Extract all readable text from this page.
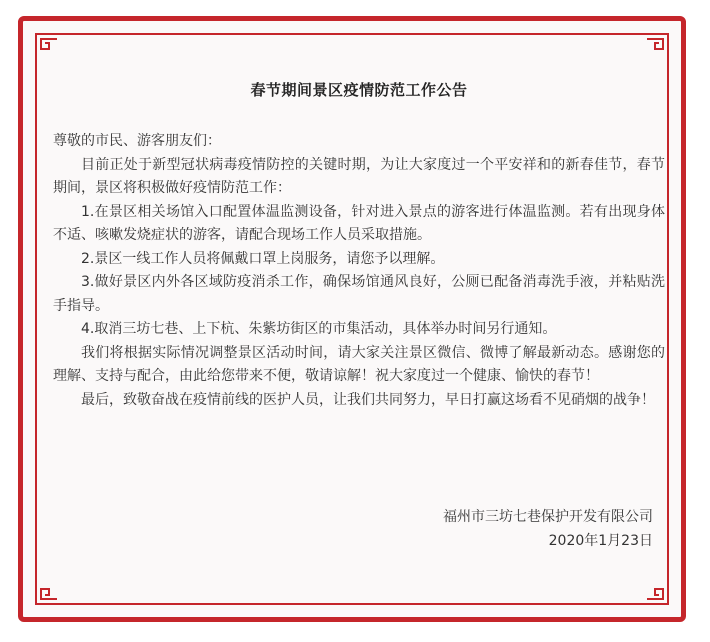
春节期间景区疫情防范工作公告

尊敬的市民、游客朋友们：

目前正处于新型冠状病毒疫情防控的关键时期，为让大家度过一个平安祥和的新春佳节，春节期间，景区将积极做好疫情防范工作：

1.在景区相关场馆入口配置体温监测设备，针对进入景点的游客进行体温监测。若有出现身体不适、咳嗽发烧症状的游客，请配合现场工作人员采取措施。

2.景区一线工作人员将佩戴口罩上岗服务，请您予以理解。

3.做好景区内外各区域防疫消杀工作，确保场馆通风良好，公厕已配备消毒洗手液，并粘贴洗手指导。

4.取消三坊七巷、上下杭、朱紫坊街区的市集活动，具体举办时间另行通知。

我们将根据实际情况调整景区活动时间，请大家关注景区微信、微博了解最新动态。感谢您的理解、支持与配合，由此给您带来不便，敬请谅解！祝大家度过一个健康、愉快的春节！

最后，致敬奋战在疫情前线的医护人员，让我们共同努力，早日打赢这场看不见硝烟的战争！

福州市三坊七巷保护开发有限公司
2020年1月23日
